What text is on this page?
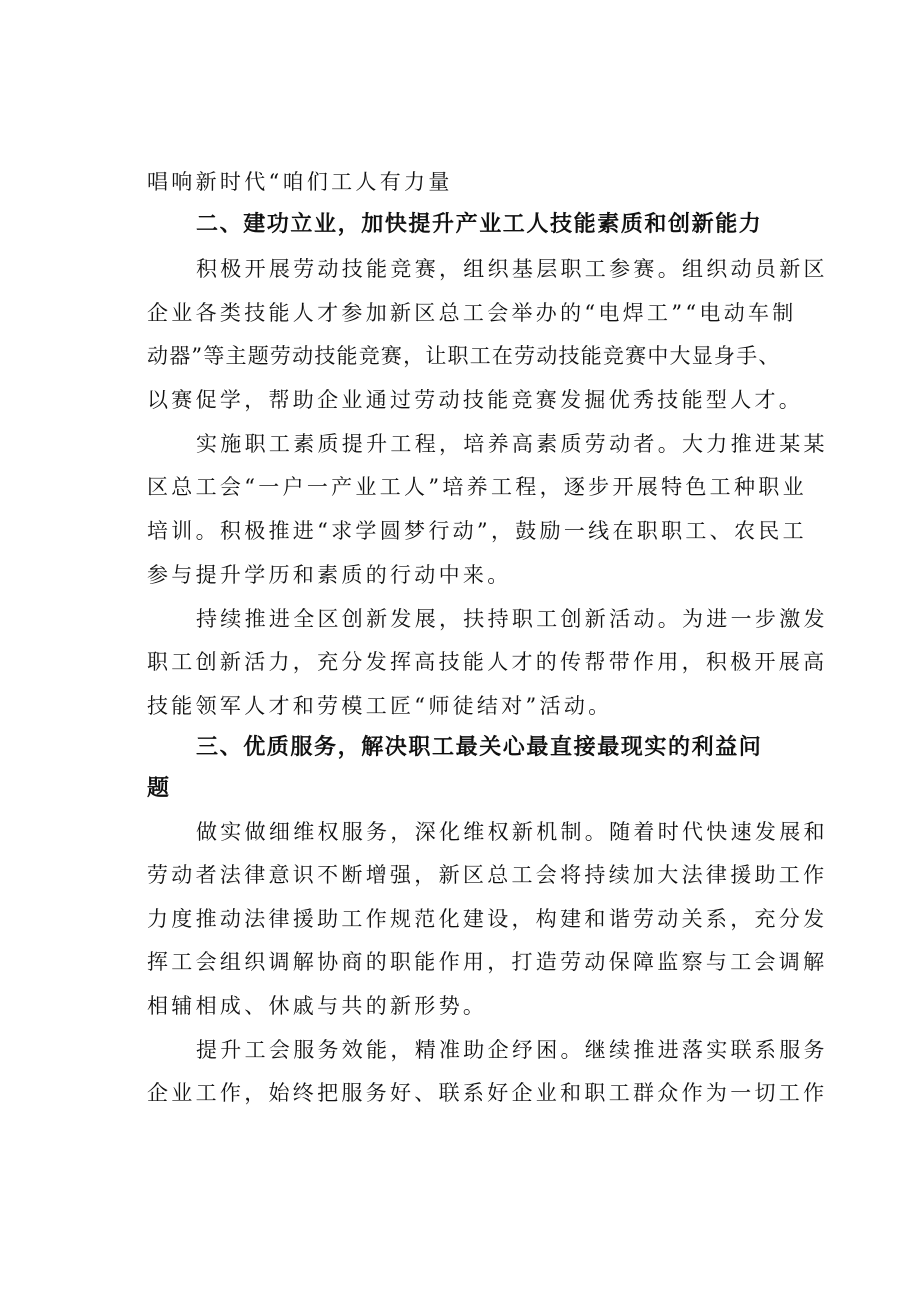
唱响新时代“咱们工人有力量
二、建功立业，加快提升产业工人技能素质和创新能力
积极开展劳动技能竞赛，组织基层职工参赛。组织动员新区
企业各类技能人才参加新区总工会举办的“电焊工”“电动车制
动器”等主题劳动技能竞赛，让职工在劳动技能竞赛中大显身手、
以赛促学，帮助企业通过劳动技能竞赛发掘优秀技能型人才。
实施职工素质提升工程，培养高素质劳动者。大力推进某某
区总工会“一户一产业工人”培养工程，逐步开展特色工种职业
培训。积极推进“求学圆梦行动”，鼓励一线在职职工、农民工
参与提升学历和素质的行动中来。
持续推进全区创新发展，扶持职工创新活动。为进一步激发
职工创新活力，充分发挥高技能人才的传帮带作用，积极开展高
技能领军人才和劳模工匠“师徒结对”活动。
三、优质服务，解决职工最关心最直接最现实的利益问
题
做实做细维权服务，深化维权新机制。随着时代快速发展和
劳动者法律意识不断增强，新区总工会将持续加大法律援助工作
力度推动法律援助工作规范化建设，构建和谐劳动关系，充分发
挥工会组织调解协商的职能作用，打造劳动保障监察与工会调解
相辅相成、休戚与共的新形势。
提升工会服务效能，精准助企纾困。继续推进落实联系服务
企业工作，始终把服务好、联系好企业和职工群众作为一切工作
